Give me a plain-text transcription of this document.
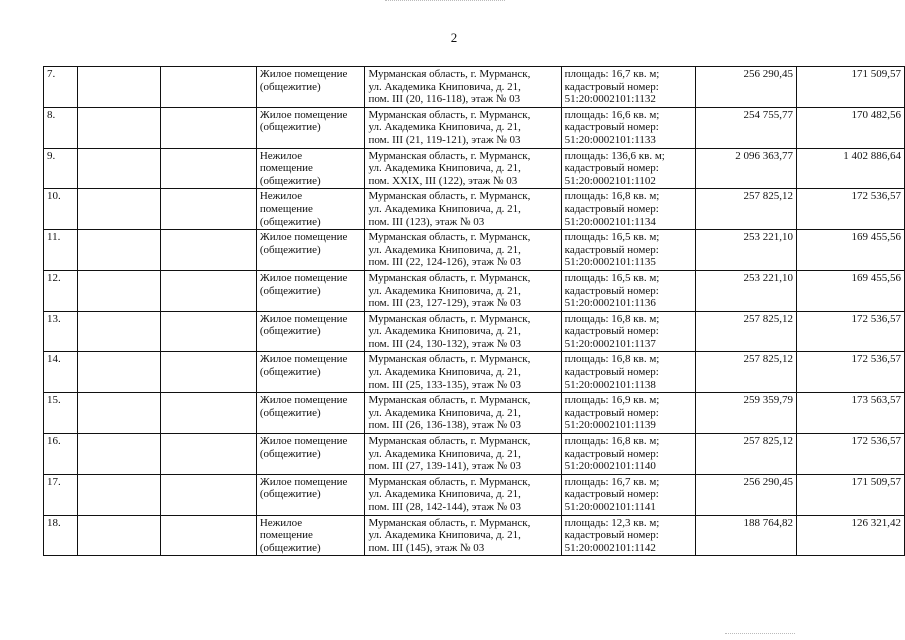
2
7.			Жилое помещение
(общежитие)	Мурманская область, г. Мурманск,
ул. Академика Книповича, д. 21,
пом. III (20, 116-118), этаж № 03	площадь: 16,7 кв. м;
кадастровый номер:
51:20:0002101:1132	256 290,45	171 509,57
8.			Жилое помещение
(общежитие)	Мурманская область, г. Мурманск,
ул. Академика Книповича, д. 21,
пом. III (21, 119-121), этаж № 03	площадь: 16,6 кв. м;
кадастровый номер:
51:20:0002101:1133	254 755,77	170 482,56
9.			Нежилое
помещение
(общежитие)	Мурманская область, г. Мурманск,
ул. Академика Книповича, д. 21,
пом. XXIX, III (122), этаж № 03	площадь: 136,6 кв. м;
кадастровый номер:
51:20:0002101:1102	2 096 363,77	1 402 886,64
10.			Нежилое
помещение
(общежитие)	Мурманская область, г. Мурманск,
ул. Академика Книповича, д. 21,
пом. III (123), этаж № 03	площадь: 16,8 кв. м;
кадастровый номер:
51:20:0002101:1134	257 825,12	172 536,57
11.			Жилое помещение
(общежитие)	Мурманская область, г. Мурманск,
ул. Академика Книповича, д. 21,
пом. III (22, 124-126), этаж № 03	площадь: 16,5 кв. м;
кадастровый номер:
51:20:0002101:1135	253 221,10	169 455,56
12.			Жилое помещение
(общежитие)	Мурманская область, г. Мурманск,
ул. Академика Книповича, д. 21,
пом. III (23, 127-129), этаж № 03	площадь: 16,5 кв. м;
кадастровый номер:
51:20:0002101:1136	253 221,10	169 455,56
13.			Жилое помещение
(общежитие)	Мурманская область, г. Мурманск,
ул. Академика Книповича, д. 21,
пом. III (24, 130-132), этаж № 03	площадь: 16,8 кв. м;
кадастровый номер:
51:20:0002101:1137	257 825,12	172 536,57
14.			Жилое помещение
(общежитие)	Мурманская область, г. Мурманск,
ул. Академика Книповича, д. 21,
пом. III (25, 133-135), этаж № 03	площадь: 16,8 кв. м;
кадастровый номер:
51:20:0002101:1138	257 825,12	172 536,57
15.			Жилое помещение
(общежитие)	Мурманская область, г. Мурманск,
ул. Академика Книповича, д. 21,
пом. III (26, 136-138), этаж № 03	площадь: 16,9 кв. м;
кадастровый номер:
51:20:0002101:1139	259 359,79	173 563,57
16.			Жилое помещение
(общежитие)	Мурманская область, г. Мурманск,
ул. Академика Книповича, д. 21,
пом. III (27, 139-141), этаж № 03	площадь: 16,8 кв. м;
кадастровый номер:
51:20:0002101:1140	257 825,12	172 536,57
17.			Жилое помещение
(общежитие)	Мурманская область, г. Мурманск,
ул. Академика Книповича, д. 21,
пом. III (28, 142-144), этаж № 03	площадь: 16,7 кв. м;
кадастровый номер:
51:20:0002101:1141	256 290,45	171 509,57
18.			Нежилое
помещение
(общежитие)	Мурманская область, г. Мурманск,
ул. Академика Книповича, д. 21,
пом. III (145), этаж № 03	площадь: 12,3 кв. м;
кадастровый номер:
51:20:0002101:1142	188 764,82	126 321,42
